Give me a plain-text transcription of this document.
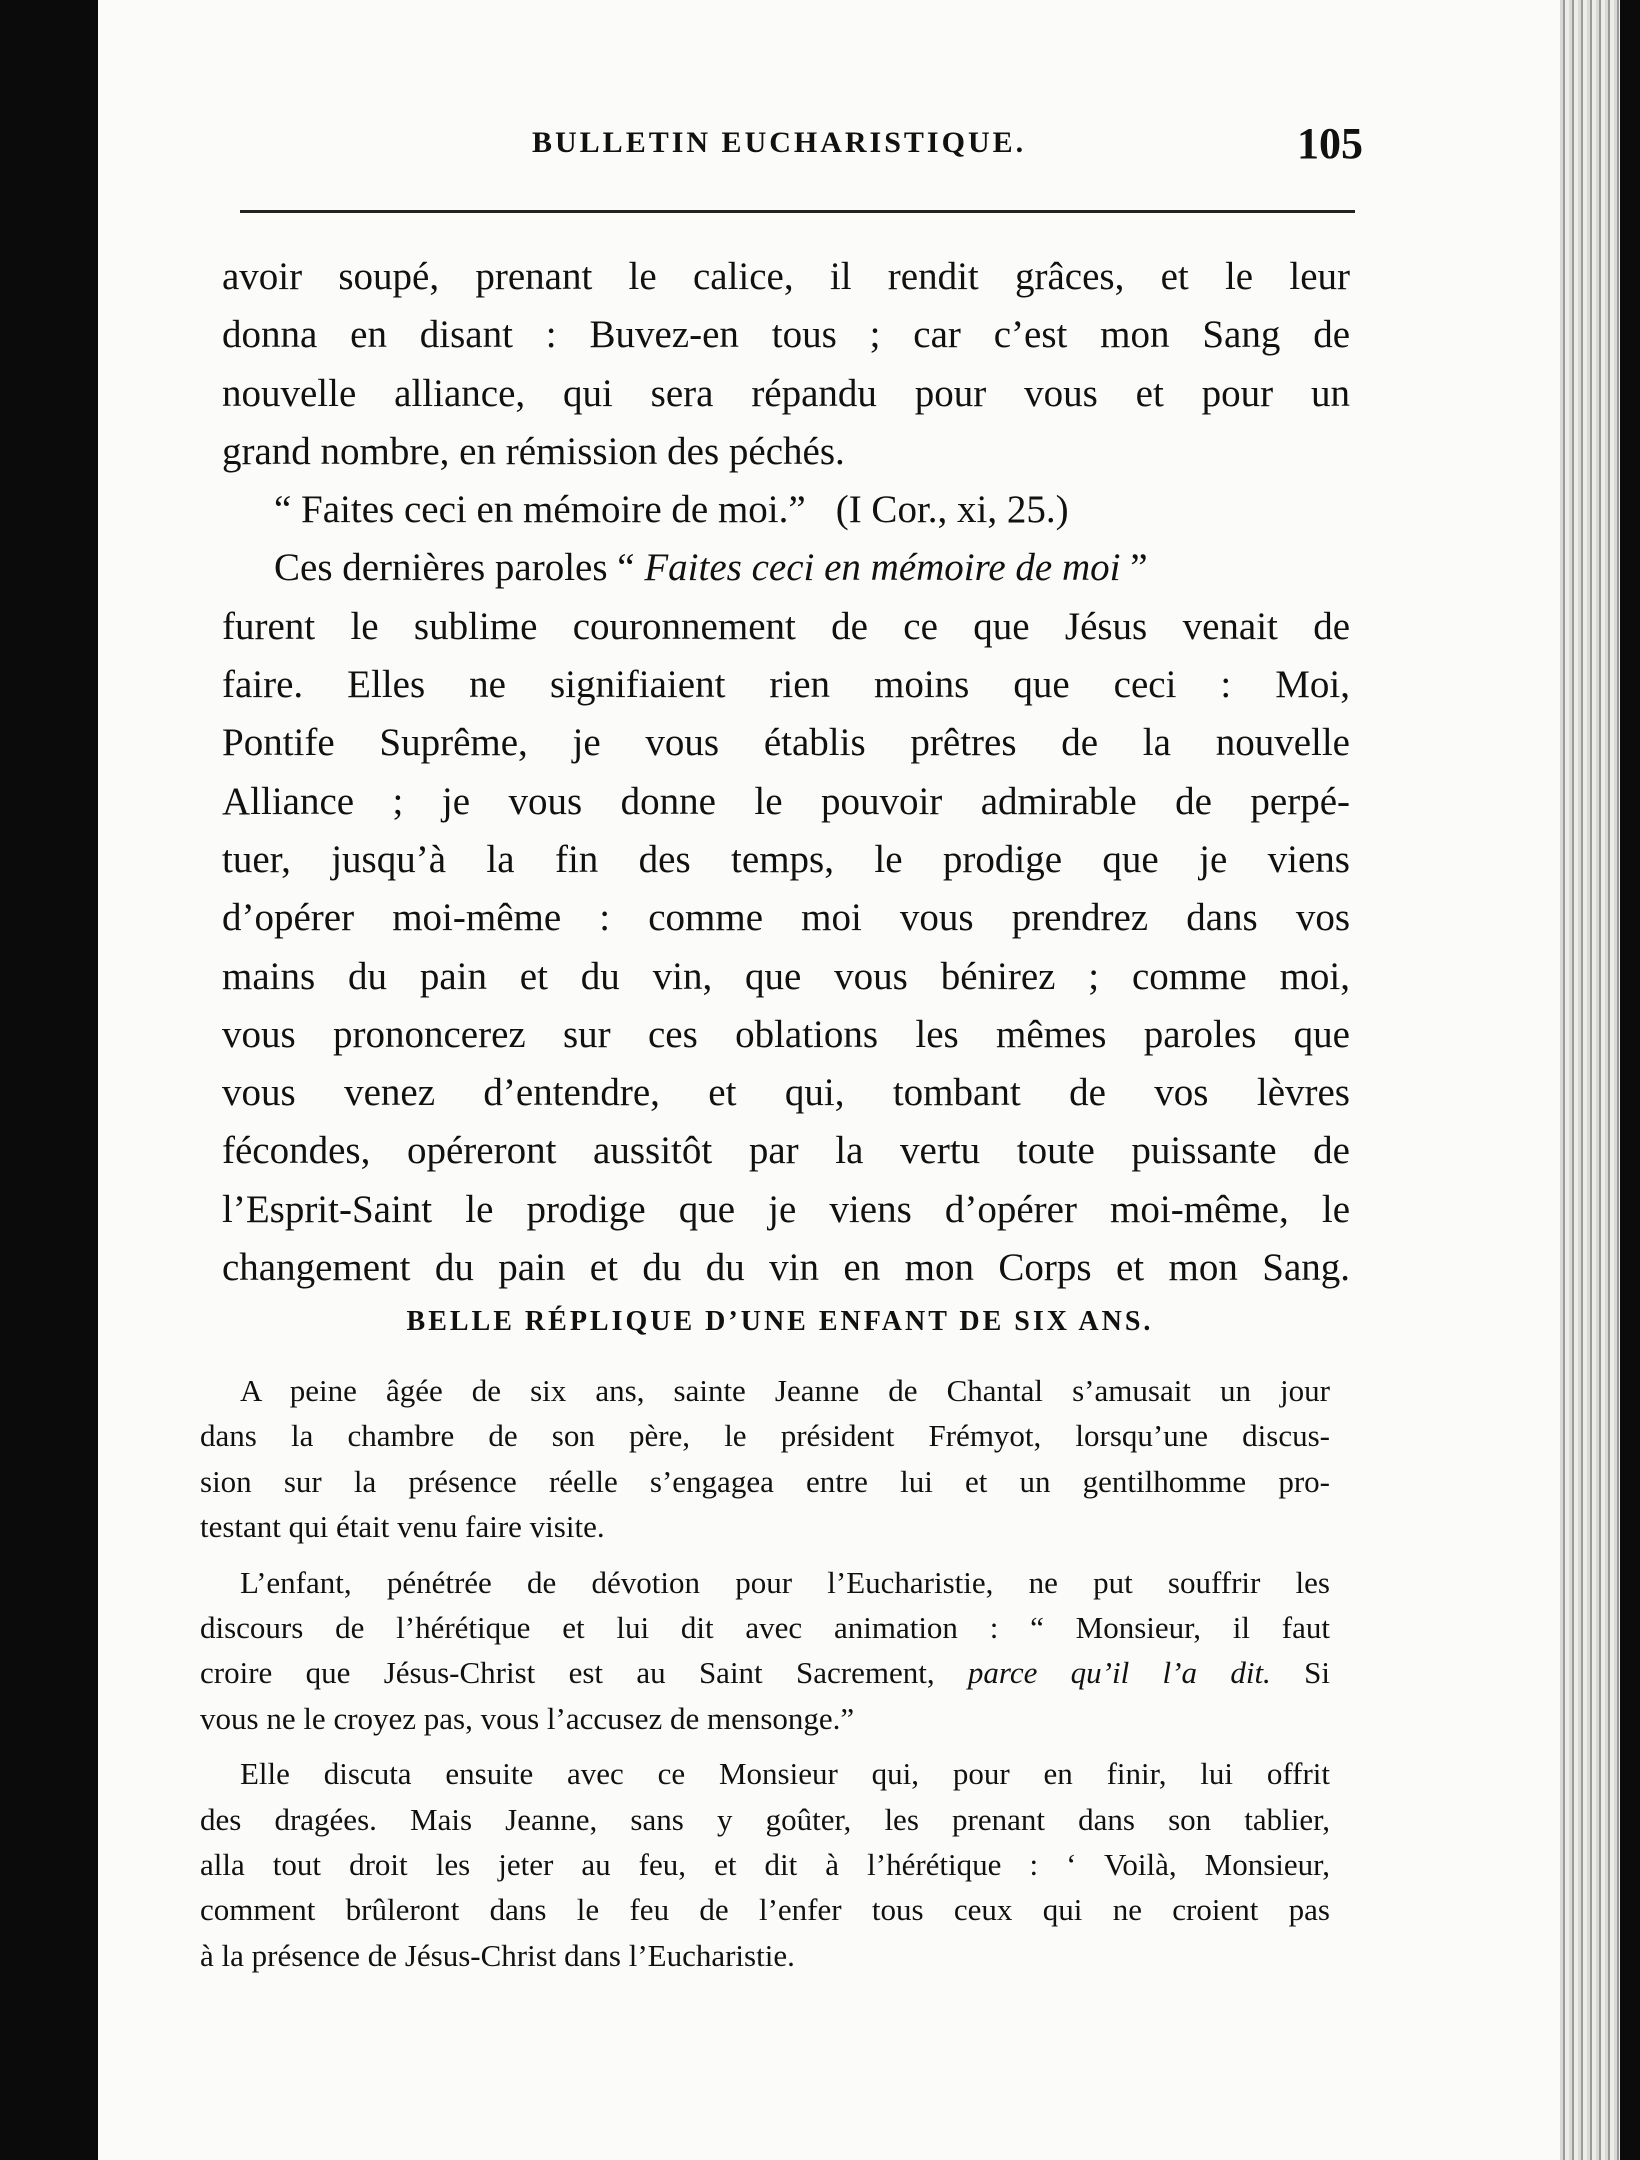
BULLETIN EUCHARISTIQUE.	105
avoir soupé, prenant le calice, il rendit grâces, et le leur
donna en disant : Buvez-en tous ; car c’est mon Sang de
nouvelle alliance, qui sera répandu pour vous et pour un
grand nombre, en rémission des péchés.
“ Faites ceci en mémoire de moi.” (I Cor., xi, 25.)
Ces dernières paroles “ Faites ceci en mémoire de moi ”
furent le sublime couronnement de ce que Jésus venait de
faire. Elles ne signifiaient rien moins que ceci : Moi,
Pontife Suprême, je vous établis prêtres de la nouvelle
Alliance ; je vous donne le pouvoir admirable de perpé-
tuer, jusqu’à la fin des temps, le prodige que je viens
d’opérer moi-même : comme moi vous prendrez dans vos
mains du pain et du vin, que vous bénirez ; comme moi,
vous prononcerez sur ces oblations les mêmes paroles que
vous venez d’entendre, et qui, tombant de vos lèvres
fécondes, opéreront aussitôt par la vertu toute puissante de
l’Esprit-Saint le prodige que je viens d’opérer moi-même, le
changement du pain et du du vin en mon Corps et mon Sang.
BELLE RÉPLIQUE D’UNE ENFANT DE SIX ANS.
A peine âgée de six ans, sainte Jeanne de Chantal s’amusait un jour
dans la chambre de son père, le président Frémyot, lorsqu’une discus-
sion sur la présence réelle s’engagea entre lui et un gentilhomme pro-
testant qui était venu faire visite.
L’enfant, pénétrée de dévotion pour l’Eucharistie, ne put souffrir les
discours de l’hérétique et lui dit avec animation : “ Monsieur, il faut
croire que Jésus-Christ est au Saint Sacrement, parce qu’il l’a dit. Si
vous ne le croyez pas, vous l’accusez de mensonge.”
Elle discuta ensuite avec ce Monsieur qui, pour en finir, lui offrit
des dragées. Mais Jeanne, sans y goûter, les prenant dans son tablier,
alla tout droit les jeter au feu, et dit à l’hérétique : ‘ Voilà, Monsieur,
comment brûleront dans le feu de l’enfer tous ceux qui ne croient pas
à la présence de Jésus-Christ dans l’Eucharistie.
